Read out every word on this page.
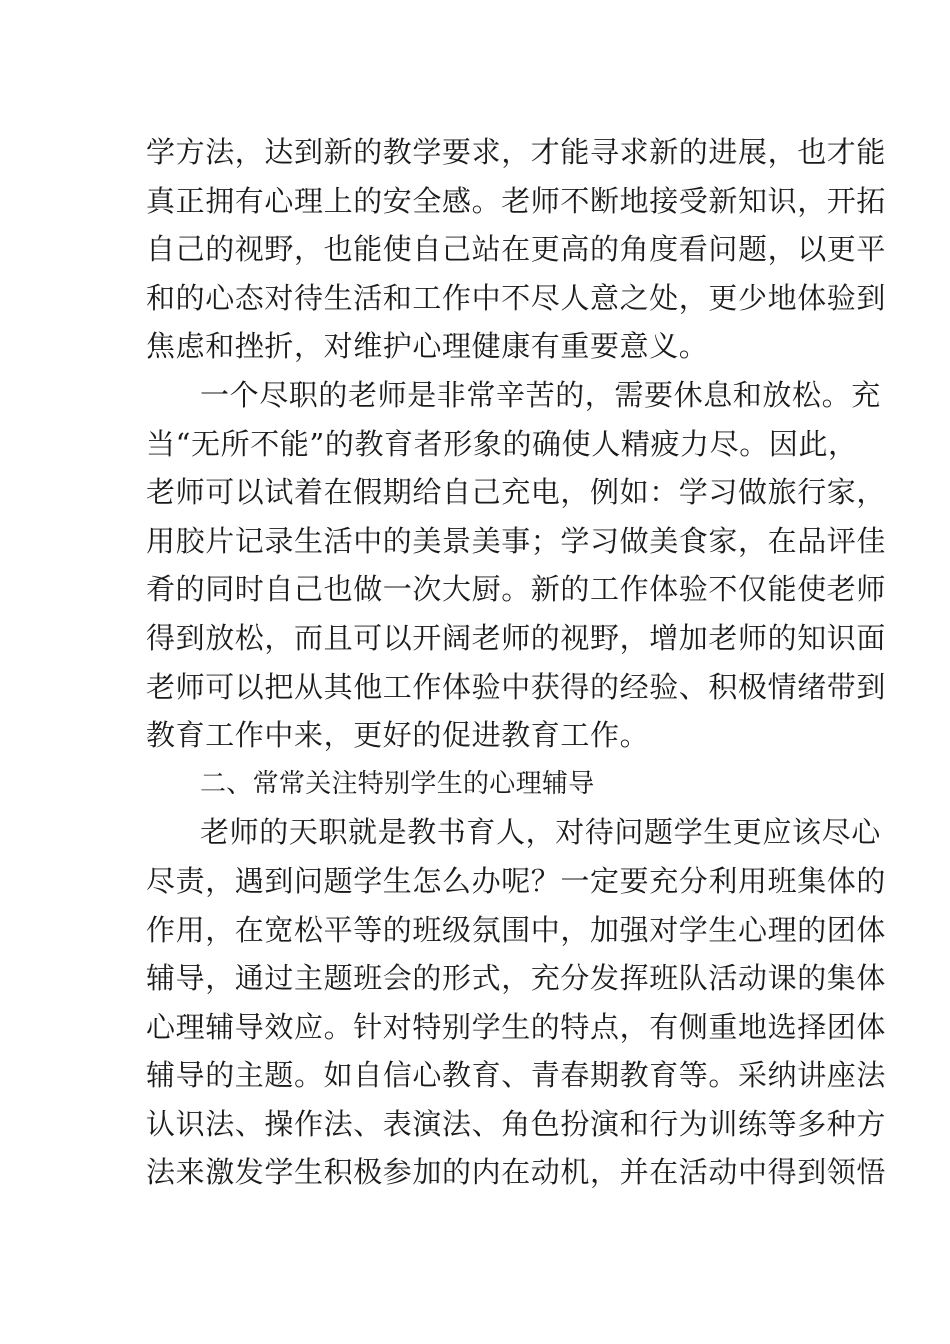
学方法，达到新的教学要求，才能寻求新的进展，也才能
真正拥有心理上的安全感。老师不断地接受新知识，开拓
自己的视野，也能使自己站在更高的角度看问题，以更平
和的心态对待生活和工作中不尽人意之处，更少地体验到
焦虑和挫折，对维护心理健康有重要意义。
一个尽职的老师是非常辛苦的，需要休息和放松。充
当“无所不能”的教育者形象的确使人精疲力尽。因此，
老师可以试着在假期给自己充电，例如：学习做旅行家，
用胶片记录生活中的美景美事；学习做美食家，在品评佳
肴的同时自己也做一次大厨。新的工作体验不仅能使老师
得到放松，而且可以开阔老师的视野，增加老师的知识面
老师可以把从其他工作体验中获得的经验、积极情绪带到
教育工作中来，更好的促进教育工作。
二、常常关注特别学生的心理辅导
老师的天职就是教书育人，对待问题学生更应该尽心
尽责，遇到问题学生怎么办呢？一定要充分利用班集体的
作用，在宽松平等的班级氛围中，加强对学生心理的团体
辅导，通过主题班会的形式，充分发挥班队活动课的集体
心理辅导效应。针对特别学生的特点，有侧重地选择团体
辅导的主题。如自信心教育、青春期教育等。采纳讲座法
认识法、操作法、表演法、角色扮演和行为训练等多种方
法来激发学生积极参加的内在动机，并在活动中得到领悟
